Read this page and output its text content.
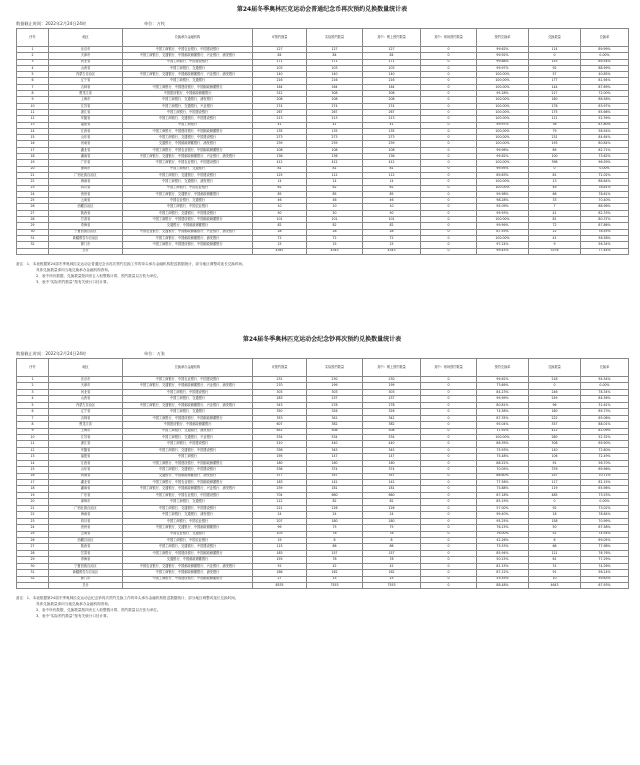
第24届冬季奥林匹克运动会普通纪念币再次预约兑换数量统计表
数据截止时间：2022年2月24日24时	单位：万枚
序号	地区	兑换承办金融机构	可预约数量	实际预约数量	其中：网上预约数量	其中：现场预约数量	预约兑换率	兑换数量	兑换率
1	北京市	中国工商银行、中国农业银行、中国建设银行	127	127	127	0	99.62%	114	89.99%
2	天津市	中国工商银行、交通银行、中国邮政储蓄银行、兴业银行、浦发银行	84	84	84	0	99.92%	0	0.00%
3	河北省	中国工商银行、中国建设银行	171	171	171	0	99.88%	153	89.54%
4	山西省	中国工商银行、交通银行	103	103	103	0	99.97%	92	88.99%
5	内蒙古自治区	中国工商银行、交通银行、中国邮政储蓄银行、兴业银行、浦发银行	140	140	140	0	100.00%	57	40.85%
6	辽宁省	中国工商银行、交通银行	216	216	216	0	100.00%	177	81.94%
7	吉林省	中国工商银行、中国建设银行、中国邮政储蓄银行	164	164	164	0	100.00%	144	87.69%
8	黑龙江省	中国建设银行、中国邮政储蓄银行	312	308	308	0	95.28%	217	72.00%
9	上海市	中国工商银行、交通银行、浦发银行	208	208	208	0	100.00%	180	86.58%
10	江苏省	中国工商银行、交通银行、兴业银行	274	274	274	0	100.00%	176	63.97%
11	浙江省	中国工商银行、中国建设银行	267	267	267	0	100.00%	175	65.66%
12	安徽省	中国工商银行、交通银行、中国建设银行	213	213	213	0	100.00%	111	52.39%
13	福建省	中国工商银行	41	41	41	0	99.97%	36	87.80%
14	江西省	中国工商银行、中国建设银行、中国邮政储蓄银行	135	135	135	0	100.00%	79	58.54%
15	山东省	中国工商银行、交通银行、中国建设银行	273	273	273	0	100.00%	231	84.64%
16	河南省	交通银行、中国邮政储蓄银行、浦发银行	239	239	239	0	100.00%	193	80.84%
17	湖北省	中国工商银行、中国农业银行、中国邮政储蓄银行	108	108	108	0	99.96%	89	82.71%
18	湖南省	中国工商银行、交通银行、中国邮政储蓄银行、兴业银行、浦发银行	136	136	136	0	99.62%	100	73.62%
19	广东省	中国工商银行、中国农业银行、中国建设银行	412	412	412	0	100.00%	398	96.59%
20	深圳市	中国工商银行、交通银行	81	81	81	0	99.95%	0	0.00%
21	广西壮族自治区	中国工商银行、交通银行、中国建设银行	125	112	112	0	89.63%	81	72.02%
22	海南省	中国工商银行、交通银行、浦发银行	14	14	14	0	100.00%	13	88.64%
23	四川省	中国工商银行、中国农业银行	62	62	62	0	100.00%	49	78.81%
24	贵州省	中国工商银行、交通银行、中国邮政储蓄银行	85	85	85	0	99.98%	66	78.61%
25	云南省	中国农业银行、交通银行	46	46	46	0	98.28%	33	70.40%
26	西藏自治区	中国工商银行、中国农业银行	10	10	10	0	95.09%	7	68.96%
27	陕西省	中国工商银行、交通银行、中国建设银行	50	50	50	0	99.93%	41	82.33%
28	甘肃省	中国工商银行、中国建设银行、中国邮政储蓄银行	101	101	101	0	100.00%	81	80.37%
29	青海省	交通银行、中国邮政储蓄银行	82	82	82	0	99.99%	72	87.86%
30	宁夏回族自治区	中国农业银行、交通银行、中国邮政储蓄银行、兴业银行、浦发银行	28	28	28	0	87.55%	22	78.55%
31	新疆维吾尔自治区	中国工商银行、中国邮政储蓄银行、浦发银行	72	72	72	0	100.00%	41	56.58%
32	厦门市	中国工商银行、中国建设银行、中国邮政储蓄银行	15	15	15	0	97.24%	9	56.34%
	总计		4367	4343	4343	0	99.45%	3376	77.44%
备注：1、本表根据第24届冬季奥林匹克运动会普通纪念币再次预约兑换工作的牵头承办金融机构报送数据统计，部分地区调整或延长兑换时间。
具体兑换数量请向当地兑换承办金融机构咨询。
2、表中所有数据，兑换数量按四舍五入取整数计算，预约数量以万枚为单位。
3、表中“实际预约数量”按有关统计口径计算。
第24届冬季奥林匹克运动会纪念钞再次预约兑换数量统计表
数据截止时间：2022年2月24日24时	单位：万张
序号	地区	兑换承办金融机构	可预约数量	实际预约数量	其中：网上预约数量	其中：现场预约数量	预约兑换率	兑换数量	兑换率
1	北京市	中国工商银行、中国农业银行、中国建设银行	231	230	230	0	99.62%	218	94.54%
2	天津市	中国工商银行、交通银行、中国邮政储蓄银行、兴业银行、浦发银行	270	199	199	0	73.69%	0	0.00%
3	河北省	中国工商银行、中国建设银行	303	303	303	0	84.23%	246	78.34%
4	山西省	中国工商银行、交通银行	283	237	237	0	99.99%	249	84.56%
5	内蒙古自治区	中国工商银行、交通银行、中国邮政储蓄银行、兴业银行、浦发银行	343	278	278	0	80.81%	96	31.61%
6	辽宁省	中国工商银行、交通银行	350	326	326	0	74.58%	180	89.73%
7	吉林省	中国工商银行、中国建设银行、中国邮政储蓄银行	353	342	342	0	87.35%	222	65.06%
8	黑龙江省	中国建设银行、中国邮政储蓄银行	607	382	382	0	95.04%	357	88.01%
9	上海市	中国工商银行、交通银行、浦发银行	652	508	508	0	77.92%	412	81.09%
10	江苏省	中国工商银行、交通银行、兴业银行	534	534	534	0	100.00%	280	52.32%
11	浙江省	中国工商银行、中国建设银行	510	440	440	0	86.39%	308	69.90%
12	安徽省	中国工商银行、交通银行、中国建设银行	336	345	345	0	75.93%	140	72.80%
13	福建省	中国工商银行	195	147	147	0	75.48%	106	72.49%
14	江西省	中国工商银行、中国建设银行、中国邮政储蓄银行	180	160	160	0	88.22%	91	56.70%
15	山东省	中国工商银行、交通银行、中国建设银行	538	374	374	0	70.05%	376	69.96%
16	河南省	交通银行、中国邮政储蓄银行、浦发银行	377	357	357	0	86.60%	257	70.71%
17	湖北省	中国工商银行、中国农业银行、中国邮政储蓄银行	183	142	142	0	77.56%	117	82.15%
18	湖南省	中国工商银行、交通银行、中国邮政储蓄银行、兴业银行、浦发银行	239	181	181	0	75.88%	119	65.98%
19	广东省	中国工商银行、中国农业银行、中国建设银行	704	660	660	0	87.18%	485	73.53%
20	深圳市	中国工商银行、交通银行	112	82	82	0	85.19%	0	0.00%
21	广西壮族自治区	中国工商银行、交通银行、中国建设银行	221	126	126	0	57.00%	92	73.02%
22	海南省	中国工商银行、交通银行、浦发银行	24	24	24	0	99.40%	18	78.64%
23	四川省	中国工商银行、中国农业银行	207	180	180	0	95.25%	158	70.99%
24	贵州省	中国工商银行、交通银行、中国邮政储蓄银行	99	75	75	0	76.15%	50	67.58%
25	云南省	中国农业银行、交通银行	103	78	78	0	76.00%	52	74.54%
26	西藏自治区	中国工商银行、中国农业银行	19	8	8	0	42.26%	6	69.05%
27	陕西省	中国工商银行、交通银行、中国建设银行	115	86	86	0	75.53%	68	77.98%
28	甘肃省	中国工商银行、中国建设银行、中国邮政储蓄银行	183	157	157	0	85.94%	121	76.76%
29	青海省	交通银行、中国邮政储蓄银行	155	78	78	0	50.15%	61	77.29%
30	宁夏回族自治区	中国农业银行、交通银行、中国邮政储蓄银行、兴业银行、浦发银行	52	42	42	0	81.15%	31	74.26%
31	新疆维吾尔自治区	中国工商银行、中国邮政储蓄银行、浦发银行	186	162	162	0	87.12%	91	56.14%
32	厦门市	中国工商银行、中国建设银行、中国邮政储蓄银行	27	15	15	0	55.55%	10	59.83%
	总计		8535	7553	7553	0	88.48%	4643	67.93%
备注：1、本表根据第24届冬季奥林匹克运动会纪念钞再次预约兑换工作的牵头承办金融机构报送数据统计，部分地区调整或延长兑换时间。
具体兑换数量请向当地兑换承办金融机构咨询。
2、表中所有数据，兑换数量按四舍五入取整数计算，预约数量以万张为单位。
3、表中“实际预约数量”按有关统计口径计算。
